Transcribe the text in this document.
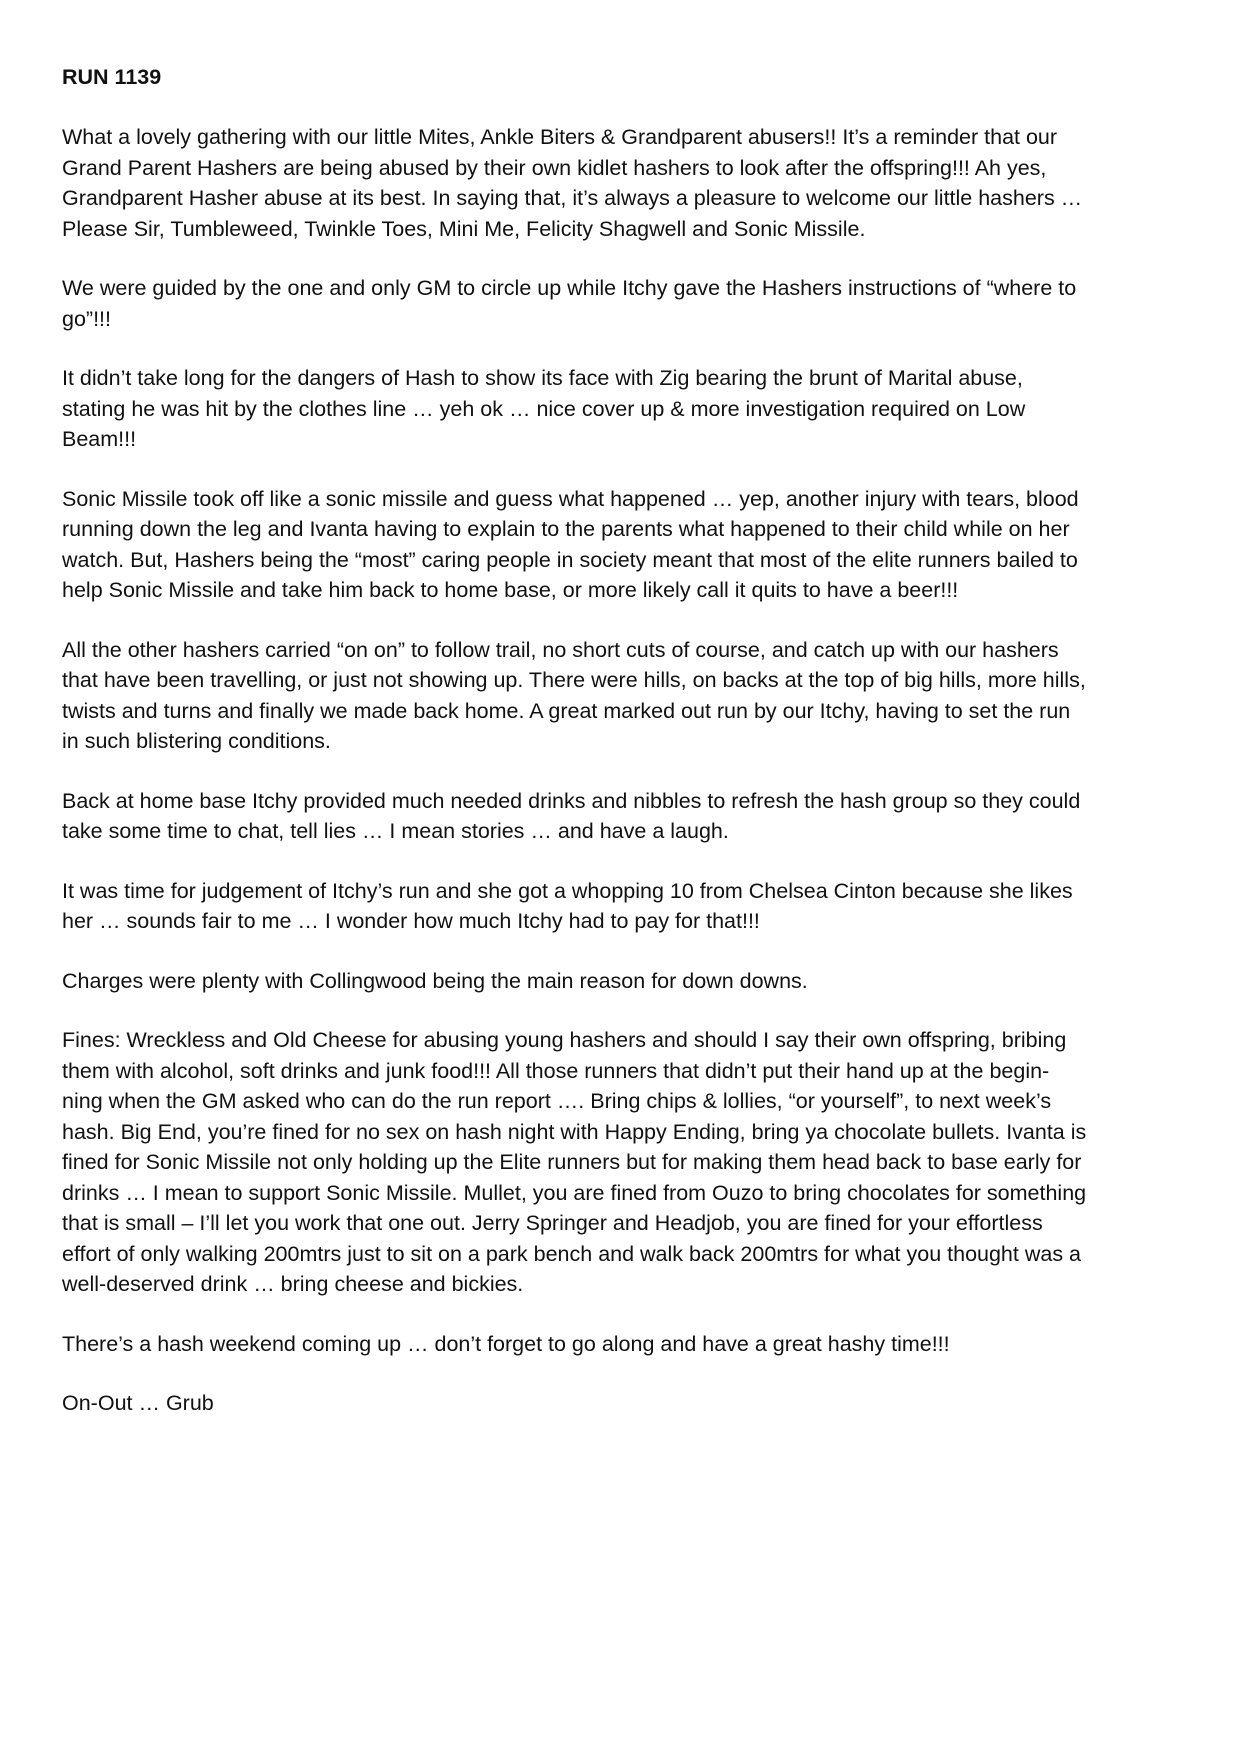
RUN 1139

What a lovely gathering with our little Mites, Ankle Biters & Grandparent abusers!! It’s a reminder that our
Grand Parent Hashers are being abused by their own kidlet hashers to look after the offspring!!! Ah yes,
Grandparent Hasher abuse at its best. In saying that, it’s always a pleasure to welcome our little hashers …
Please Sir, Tumbleweed, Twinkle Toes, Mini Me, Felicity Shagwell and Sonic Missile.

We were guided by the one and only GM to circle up while Itchy gave the Hashers instructions of “where to
go”!!!

It didn’t take long for the dangers of Hash to show its face with Zig bearing the brunt of Marital abuse,
stating he was hit by the clothes line … yeh ok … nice cover up & more investigation required on Low
Beam!!!

Sonic Missile took off like a sonic missile and guess what happened … yep, another injury with tears, blood
running down the leg and Ivanta having to explain to the parents what happened to their child while on her
watch. But, Hashers being the “most” caring people in society meant that most of the elite runners bailed to
help Sonic Missile and take him back to home base, or more likely call it quits to have a beer!!!

All the other hashers carried “on on” to follow trail, no short cuts of course, and catch up with our hashers
that have been travelling, or just not showing up. There were hills, on backs at the top of big hills, more hills,
twists and turns and finally we made back home. A great marked out run by our Itchy, having to set the run
in such blistering conditions.

Back at home base Itchy provided much needed drinks and nibbles to refresh the hash group so they could
take some time to chat, tell lies … I mean stories … and have a laugh.

It was time for judgement of Itchy’s run and she got a whopping 10 from Chelsea Cinton because she likes
her … sounds fair to me … I wonder how much Itchy had to pay for that!!!

Charges were plenty with Collingwood being the main reason for down downs.

Fines: Wreckless and Old Cheese for abusing young hashers and should I say their own offspring, bribing
them with alcohol, soft drinks and junk food!!! All those runners that didn’t put their hand up at the begin-
ning when the GM asked who can do the run report …. Bring chips & lollies, “or yourself”, to next week’s
hash. Big End, you’re fined for no sex on hash night with Happy Ending, bring ya chocolate bullets. Ivanta is
fined for Sonic Missile not only holding up the Elite runners but for making them head back to base early for
drinks … I mean to support Sonic Missile. Mullet, you are fined from Ouzo to bring chocolates for something
that is small – I’ll let you work that one out. Jerry Springer and Headjob, you are fined for your effortless
effort of only walking 200mtrs just to sit on a park bench and walk back 200mtrs for what you thought was a
well-deserved drink … bring cheese and bickies.

There’s a hash weekend coming up … don’t forget to go along and have a great hashy time!!!

On-Out … Grub
